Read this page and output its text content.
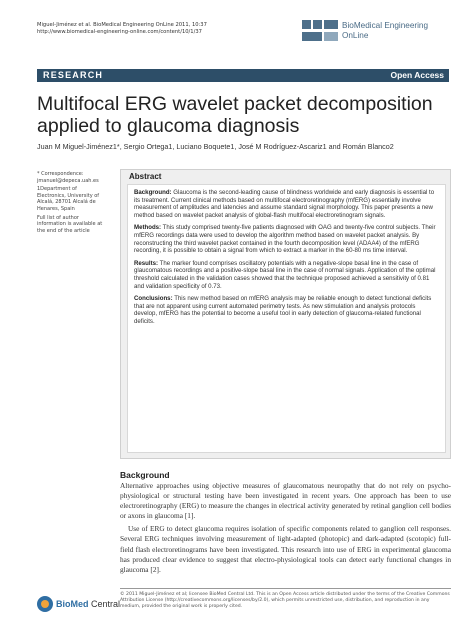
Miguel-Jiménez et al. BioMedical Engineering OnLine 2011, 10:37
http://www.biomedical-engineering-online.com/content/10/1/37
BioMedical Engineering
OnLine
RESEARCH	Open Access
Multifocal ERG wavelet packet decomposition applied to glaucoma diagnosis
Juan M Miguel-Jiménez1*, Sergio Ortega1, Luciano Boquete1, José M Rodríguez-Ascariz1 and Román Blanco2

* Correspondence: jmanuel@depeca.uah.es

1Department of Electronics, University of Alcalá, 28701 Alcalá de Henares, Spain

Full list of author information is available at the end of the article

Abstract

Background: Glaucoma is the second-leading cause of blindness worldwide and early diagnosis is essential to its treatment. Current clinical methods based on multifocal electroretinography (mfERG) essentially involve measurement of amplitudes and latencies and assume standard signal morphology. This paper presents a new method based on wavelet packet analysis of global-flash multifocal electroretinogram signals.

Methods: This study comprised twenty-five patients diagnosed with OAG and twenty-five control subjects. Their mfERG recordings data were used to develop the algorithm method based on wavelet packet analysis. By reconstructing the third wavelet packet contained in the fourth decomposition level (ADAA4) of the mfERG recording, it is possible to obtain a signal from which to extract a marker in the 60-80 ms time interval.

Results: The marker found comprises oscillatory potentials with a negative-slope basal line in the case of glaucomatous recordings and a positive-slope basal line in the case of normal signals. Application of the optimal threshold calculated in the validation cases showed that the technique proposed achieved a sensitivity of 0.81 and validation specificity of 0.73.

Conclusions: This new method based on mfERG analysis may be reliable enough to detect functional deficits that are not apparent using current automated perimetry tests. As new stimulation and analysis protocols develop, mfERG has the potential to become a useful tool in early detection of glaucoma-related functional deficits.

Background

Alternative approaches using objective measures of glaucomatous neuropathy that do not rely on psycho-physiological or structural testing have been investigated in recent years. One approach has been to use electroretinography (ERG) to measure the changes in electrical activity generated by retinal ganglion cell bodies or axons in glaucoma [1].

Use of ERG to detect glaucoma requires isolation of specific components related to ganglion cell responses. Several ERG techniques involving measurement of light-adapted (photopic) and dark-adapted (scotopic) full-field flash electroretinograms have been investigated. This research into use of ERG in experimental glaucoma has produced clear evidence to suggest that electro-physiological tools can detect early functional changes in glaucoma [2].

© 2011 Miguel-Jiménez et al; licensee BioMed Central Ltd. This is an Open Access article distributed under the terms of the Creative Commons Attribution License (http://creativecommons.org/licenses/by/2.0), which permits unrestricted use, distribution, and reproduction in any medium, provided the original work is properly cited.
BioMed Central
